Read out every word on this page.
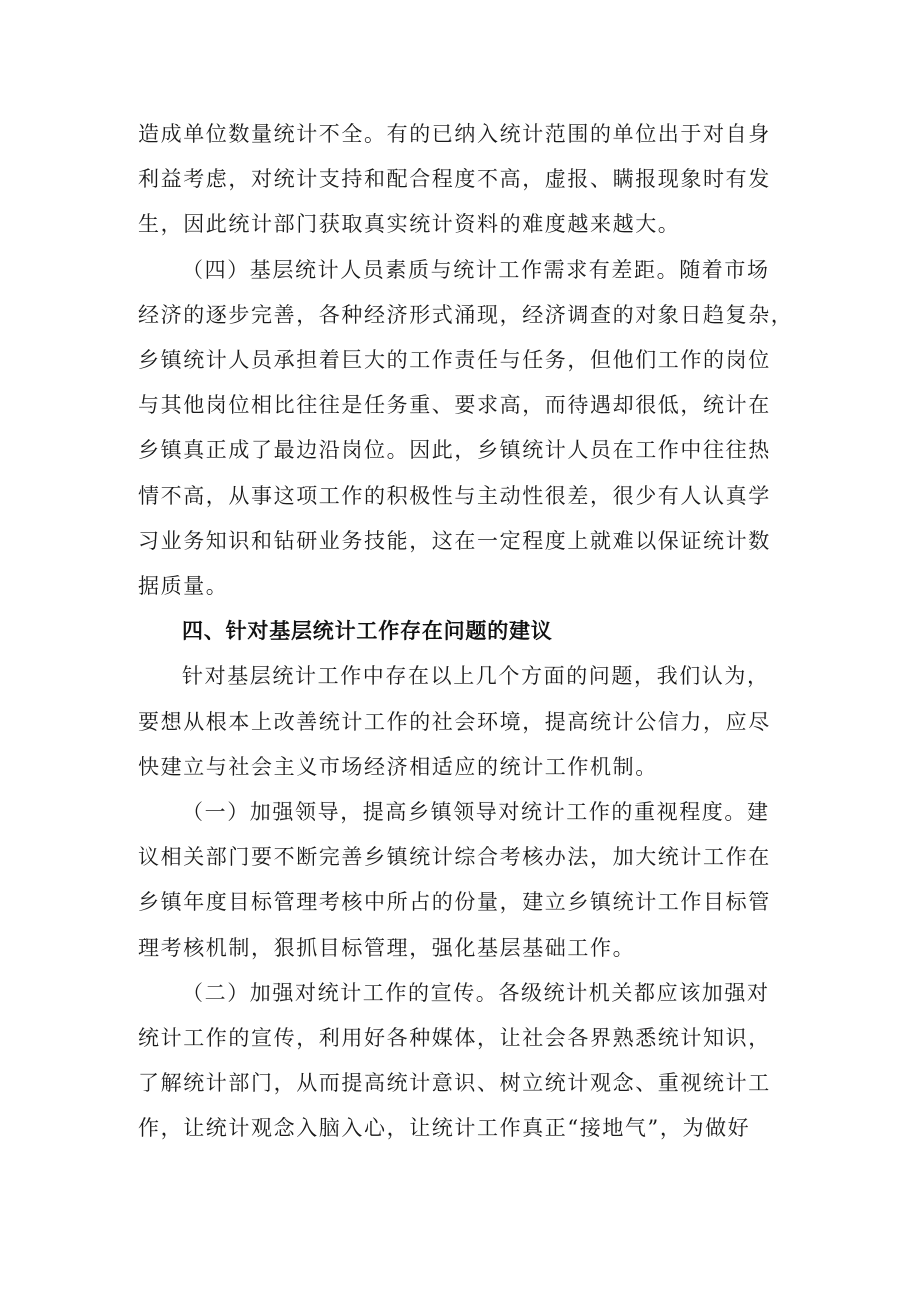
造成单位数量统计不全。有的已纳入统计范围的单位出于对自身
利益考虑，对统计支持和配合程度不高，虚报、瞒报现象时有发
生，因此统计部门获取真实统计资料的难度越来越大。
（四）基层统计人员素质与统计工作需求有差距。随着市场
经济的逐步完善，各种经济形式涌现，经济调查的对象日趋复杂，
乡镇统计人员承担着巨大的工作责任与任务，但他们工作的岗位
与其他岗位相比往往是任务重、要求高，而待遇却很低，统计在
乡镇真正成了最边沿岗位。因此，乡镇统计人员在工作中往往热
情不高，从事这项工作的积极性与主动性很差，很少有人认真学
习业务知识和钻研业务技能，这在一定程度上就难以保证统计数
据质量。
四、针对基层统计工作存在问题的建议
针对基层统计工作中存在以上几个方面的问题，我们认为，
要想从根本上改善统计工作的社会环境，提高统计公信力，应尽
快建立与社会主义市场经济相适应的统计工作机制。
（一）加强领导，提高乡镇领导对统计工作的重视程度。建
议相关部门要不断完善乡镇统计综合考核办法，加大统计工作在
乡镇年度目标管理考核中所占的份量，建立乡镇统计工作目标管
理考核机制，狠抓目标管理，强化基层基础工作。
（二）加强对统计工作的宣传。各级统计机关都应该加强对
统计工作的宣传，利用好各种媒体，让社会各界熟悉统计知识，
了解统计部门，从而提高统计意识、树立统计观念、重视统计工
作，让统计观念入脑入心，让统计工作真正“接地气”，为做好
